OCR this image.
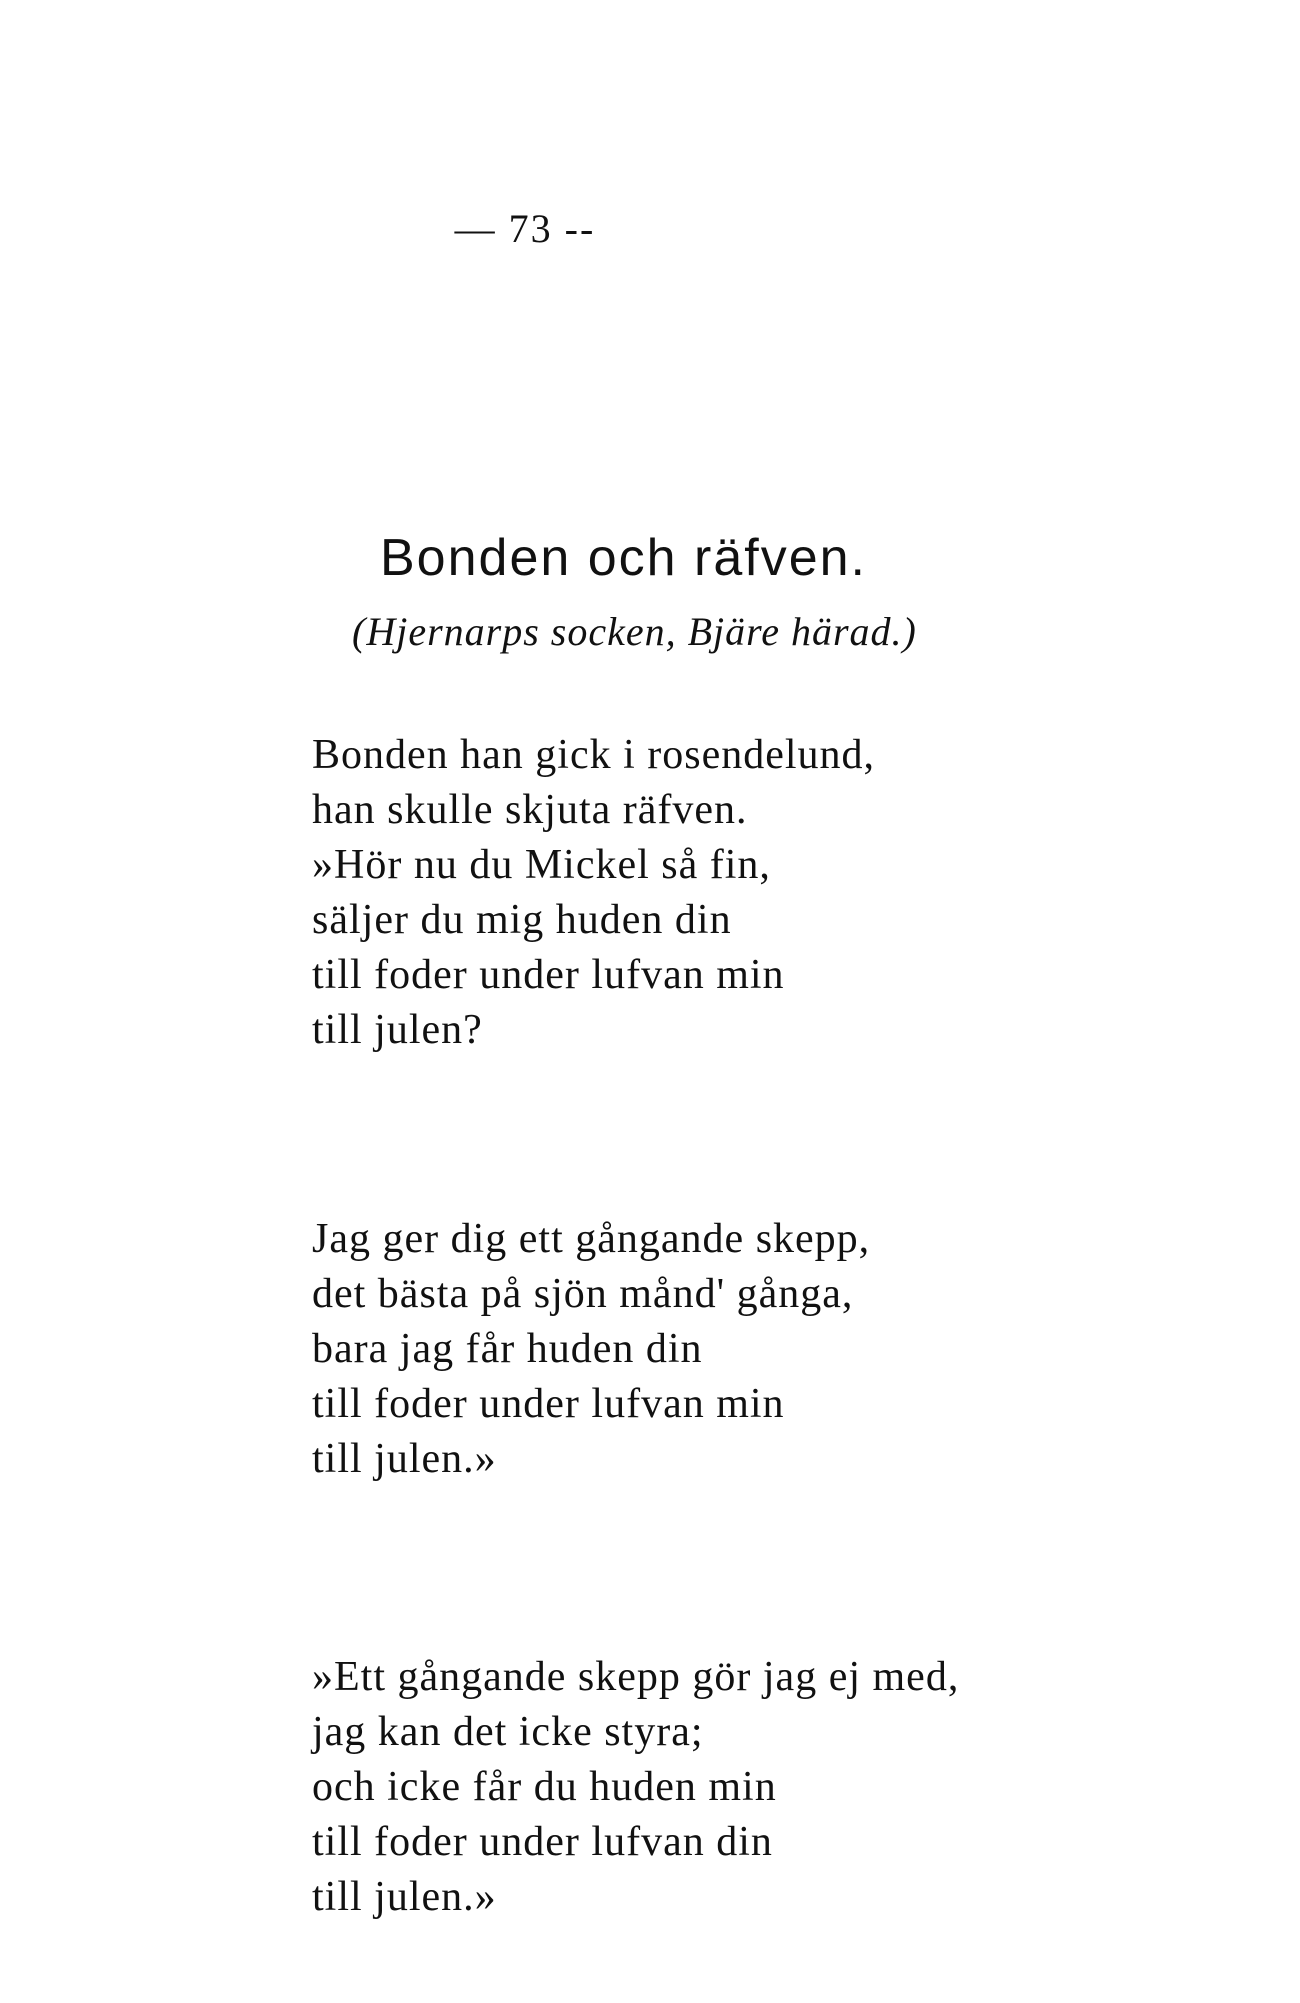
— 73 --
Bonden och räfven.
(Hjernarps socken, Bjäre härad.)
Bonden han gick i rosendelund,
han skulle skjuta räfven.
»Hör nu du Mickel så fin,
säljer du mig huden din
till foder under lufvan min
till julen?
Jag ger dig ett gångande skepp,
det bästa på sjön månd' gånga,
bara jag får huden din
till foder under lufvan min
till julen.»
»Ett gångande skepp gör jag ej med,
jag kan det icke styra;
och icke får du huden min
till foder under lufvan din
till julen.»
